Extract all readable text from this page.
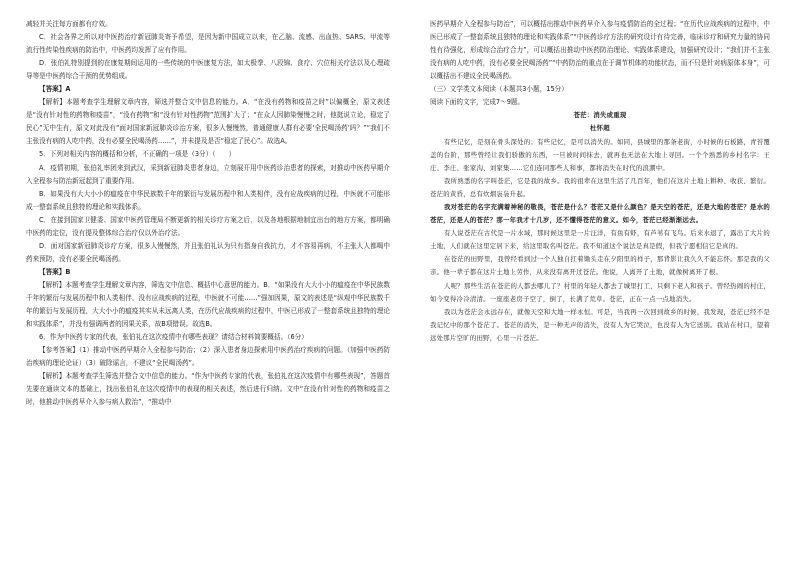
减轻并关注每方面都有疗效。

C．社会各界之所以对中医药治疗新冠肺炎寄予希望，是因为新中国成立以来，在乙脑、流感、出血热、SARS、甲流等流行性传染性疾病的防治中，中医药均发挥了应有作用。

D．张伯礼特别提到的在康复期间运用的一些传统的中医康复方法，如太极拳、八段锦、食疗、穴位相关疗法以及心理疏导等是中医药综合干预的优势组成。

【答案】A

【解析】本题考查学生理解文章内容，筛选并整合文中信息的能力。A．“在没有药物和疫苗之时”以偏概全，原文表述是“没有针对性的药物和疫苗”，“没有药物”和“没有针对性药物”范围扩大了；“在众人因肺染慢慢之时，他挺说立论，稳定了民心”无中生有，原文对此没有“面对国家新冠肺炎诊治方案，很多人慢慢然，普通健康人群有必要‘全民喝汤药’吗？”“我们不主张没有病的人吃中药，没有必要全民喝汤药……”，并未提及是否“稳定了民心”。故选A。

5．下列对相关内容的概括和分析，不正确的一项是（3分）（　　）

A．疫情初期，张伯礼率团来到武汉，采到新冠肺炎患者身边，立刻展开用中医药诊治患者的探索，对推动中医药早期介入全程参与防治新冠起到了重要作用。

B．如果没有大大小小的瘟疫在中华民族数千年的繁衍与发展历程中和人类相伴，没有应战疾病的过程，中医就不可能形成一整套系统且独特的理论和实践体系。

C．在接到国家卫健委、国家中医药管理局不断更新的相关诊疗方案之后，以及各地根据地制宜出台的地方方案，都明确中医药的定位，没有提及整体综合治疗仅以外治疗法。

D．面对国家新冠肺炎诊疗方案，很多人慢慢然，并且张伯礼认为只有指身自我抗力，才不容易再病，不主张人人都喝中药来预防，没有必要全民喝汤药。

【答案】B

【解析】本题考查学生理解文章内容，筛选文中信息、概括中心意思的能力。B．“如果没有大大小小的瘟疫在中华民族数千年的繁衍与发展历程中和人类相伴，没有应战疾病的过程，中医就不可能……”强加因果，原文的表述是“纵观中华民族数千年的繁衍与发展历程，大大小小的瘟疫其实从未远离人类，在历代应战疾病的过程中，中医已形成了一整套系统且独特的理论和实践体系”，并没有强调两者的因果关系，故B项错误。故选B。

6．作为中医药专家的代表，张伯礼在这次疫情中有哪些表现？请结合材料简要概括。（6分）

【参考答案】（1）推动中医药早期介入全程参与防治；（2）深入患者身边探索用中医药治疗疾病的问题。（加强中医药防治疾病的理论论证）（3）破除谣言，不建议“全民喝汤药”。

【解析】本题考查学生筛选并整合文中信息的能力。“作为中医药专家的代表，张伯礼在这次疫情中有哪些表现”，答题首先要在通读文本的基础上，找出张伯礼在这次疫情中的表现的相关表述，然后进行归纳。文中“在没有针对性的药物和疫苗之时，他推动中医药早介入参与病人救治”，“推动中

医药早期介入全程参与防治”，可以概括出推动中医药早介入参与疫情防治的全过程；“在历代应战疾病的过程中，中医已形成了一整套系统且独特的理论和实践体系”“中医药诊疗方法的研究设计有待完善，临床诊疗和研究力量的协同性有待强化，形成综合治疗合力”，可以概括出推动中医药防治理论、实践体系建设，加强研究设计；“我们并不主张没有病的人吃中药，没有必要全民喝汤药”“中药防治的重点在于调节机体的功能状态，而不只是针对病原体本身”，可以概括出不建议全民喝汤药。

（三）文学类文本阅读（本题共3小题，15分）

阅读下面的文字，完成7～9题。

苍茫：消失或重现

杜怀超

有些记忆，是刻在骨头深处的；有些记忆，是可以消失的。如同，县城里的那条老街，小时候的石板路，青苔覆盖的台阶，那些曾经让我们骄傲的东西，一旦被时间抹去，就再也无法在大地上寻回。一个个熟悉的乡村名字：王庄、李庄、张家沟、刘家集……它们连同那些人和事，都将消失在时代的浪潮中。

我所熟悉的名字叫苍茫，它是我的故乡。我的祖辈在这里生活了几百年，他们在这片土地上耕种、收获、繁衍。苍茫的黄昏，总有炊烟袅袅升起。

我对苍茫的名字充满着神秘的敬畏，苍茫是什么？苍茫又是什么颜色？是天空的苍茫，还是大地的苍茫？是水的苍茫，还是人的苍茫？那一年我才十几岁，还不懂得苍茫的意义。如今，苍茫已经渐渐远去。

有人说苍茫在古代是一片水域，那时候这里是一片汪洋，有鱼有虾，有芦苇有飞鸟。后来水退了，露出了大片的土地，人们就在这里定居下来，给这里取名叫苍茫。我不知道这个说法是真是假，但我宁愿相信它是真的。

在苍茫的田野里，我曾经看到过一个人独自扛着锄头走在夕阳里的样子，那背影让我久久不能忘怀。那是我的父亲。他一辈子都在这片土地上劳作，从来没有离开过苍茫。他说，人离开了土地，就像树离开了根。

人呢？那些生活在苍茫的人都去哪儿了？村里的年轻人都去了城里打工，只剩下老人和孩子。曾经热闹的村庄，如今变得冷冷清清。一座座老房子空了，倒了，长满了荒草。苍茫，正在一点一点地消失。

我以为苍茫会永远存在，就像天空和大地一样永恒。可是，当我再一次回到故乡的时候，我发现，苍茫已经不是我记忆中的那个苍茫了。苍茫的消失，是一种无声的消失，没有人为它哭泣，也没有人为它送别。我站在村口，望着远处那片空旷的田野，心里一片苍茫。
